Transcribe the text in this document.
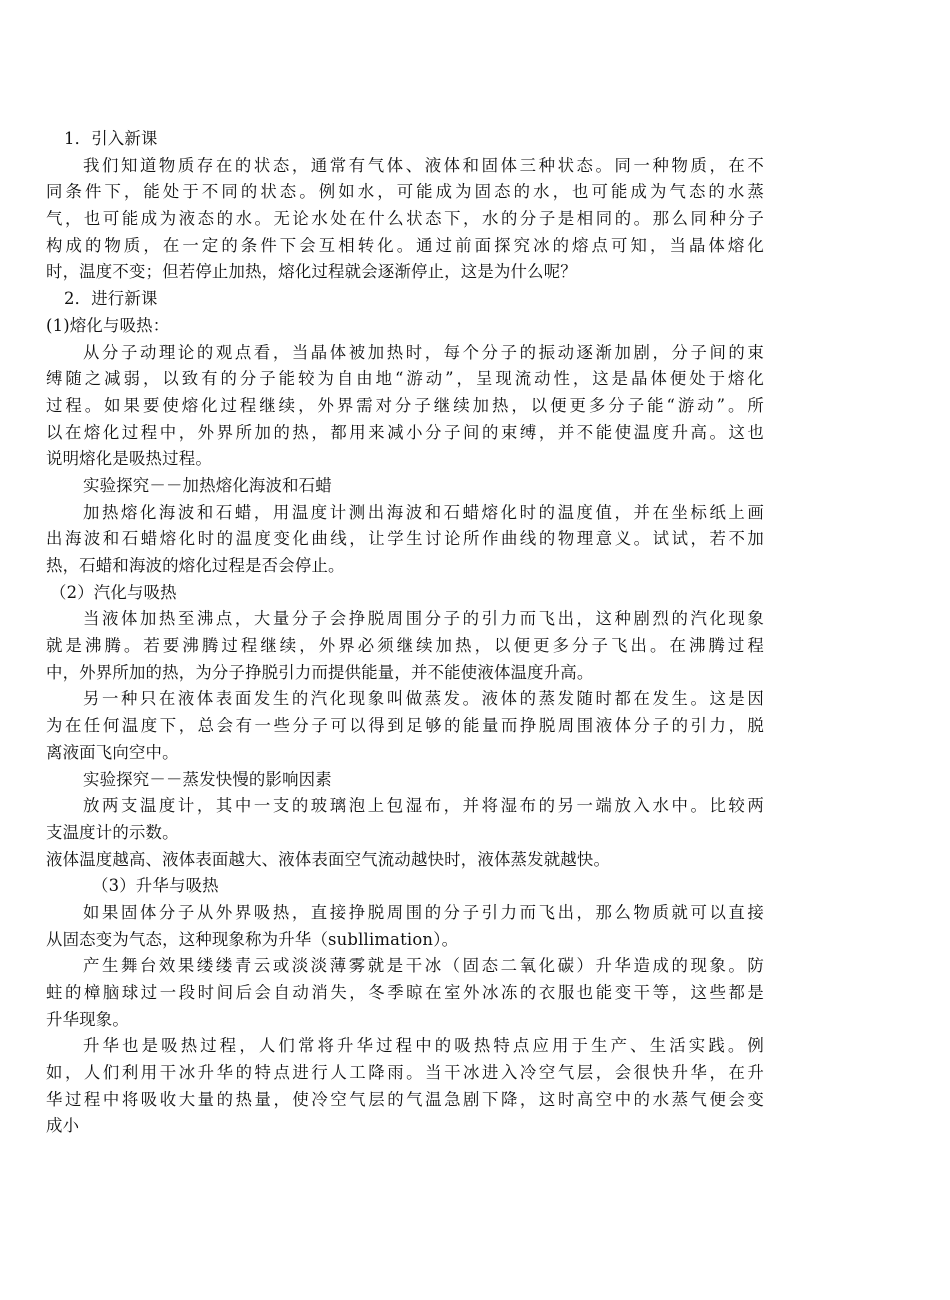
1．引入新课
我们知道物质存在的状态，通常有气体、液体和固体三种状态。同一种物质，在不
同条件下，能处于不同的状态。例如水，可能成为固态的水，也可能成为气态的水蒸
气，也可能成为液态的水。无论水处在什么状态下，水的分子是相同的。那么同种分子
构成的物质，在一定的条件下会互相转化。通过前面探究冰的熔点可知，当晶体熔化
时，温度不变；但若停止加热，熔化过程就会逐渐停止，这是为什么呢？
2．进行新课
(1)熔化与吸热：
从分子动理论的观点看，当晶体被加热时，每个分子的振动逐渐加剧，分子间的束
缚随之减弱，以致有的分子能较为自由地“游动”，呈现流动性，这是晶体便处于熔化
过程。如果要使熔化过程继续，外界需对分子继续加热，以便更多分子能“游动”。所
以在熔化过程中，外界所加的热，都用来减小分子间的束缚，并不能使温度升高。这也
说明熔化是吸热过程。
实验探究－－加热熔化海波和石蜡
加热熔化海波和石蜡，用温度计测出海波和石蜡熔化时的温度值，并在坐标纸上画
出海波和石蜡熔化时的温度变化曲线，让学生讨论所作曲线的物理意义。试试，若不加
热，石蜡和海波的熔化过程是否会停止。
（2）汽化与吸热
当液体加热至沸点，大量分子会挣脱周围分子的引力而飞出，这种剧烈的汽化现象
就是沸腾。若要沸腾过程继续，外界必须继续加热，以便更多分子飞出。在沸腾过程
中，外界所加的热，为分子挣脱引力而提供能量，并不能使液体温度升高。
另一种只在液体表面发生的汽化现象叫做蒸发。液体的蒸发随时都在发生。这是因
为在任何温度下，总会有一些分子可以得到足够的能量而挣脱周围液体分子的引力，脱
离液面飞向空中。
实验探究－－蒸发快慢的影响因素
放两支温度计，其中一支的玻璃泡上包湿布，并将湿布的另一端放入水中。比较两
支温度计的示数。
液体温度越高、液体表面越大、液体表面空气流动越快时，液体蒸发就越快。
（3）升华与吸热
如果固体分子从外界吸热，直接挣脱周围的分子引力而飞出，那么物质就可以直接
从固态变为气态，这种现象称为升华（subllimation）。
产生舞台效果缕缕青云或淡淡薄雾就是干冰（固态二氧化碳）升华造成的现象。防
蛀的樟脑球过一段时间后会自动消失，冬季晾在室外冰冻的衣服也能变干等，这些都是
升华现象。
升华也是吸热过程，人们常将升华过程中的吸热特点应用于生产、生活实践。例
如，人们利用干冰升华的特点进行人工降雨。当干冰进入冷空气层，会很快升华，在升
华过程中将吸收大量的热量，使冷空气层的气温急剧下降，这时高空中的水蒸气便会变
成小
